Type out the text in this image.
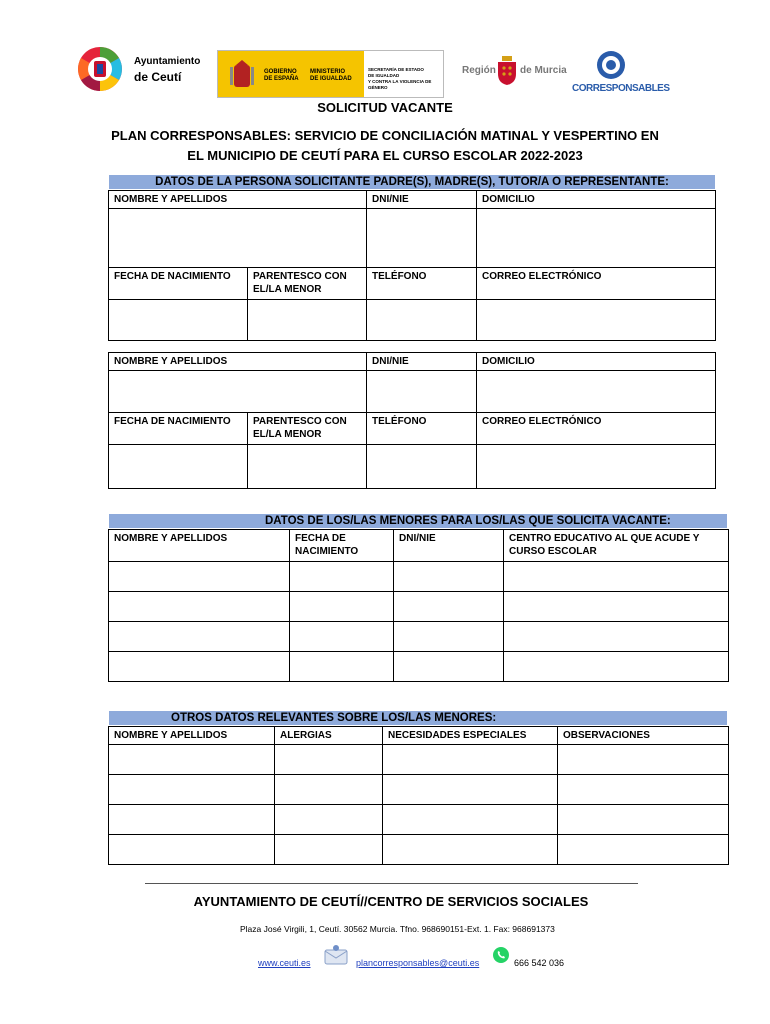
Ayuntamiento
de Ceutí	GOBIERNO
DE ESPAÑA
MINISTERIO
DE IGUALDAD
SECRETARÍA DE ESTADO
DE IGUALDAD
Y CONTRA LA VIOLENCIA DE GÉNERO
Región de Murcia
CORRESPONSABLES
SOLICITUD VACANTE
PLAN CORRESPONSABLES: SERVICIO DE CONCILIACIÓN MATINAL Y VESPERTINO EN
EL MUNICIPIO DE CEUTÍ PARA EL CURSO ESCOLAR 2022-2023
DATOS DE LA PERSONA SOLICITANTE PADRE(S), MADRE(S), TUTOR/A O REPRESENTANTE:
NOMBRE Y APELLIDOS		DNI/NIE	DOMICILIO

FECHA DE NACIMIENTO	PARENTESCO CON EL/LA MENOR	TELÉFONO	CORREO ELECTRÓNICO

NOMBRE Y APELLIDOS		DNI/NIE	DOMICILIO

FECHA DE NACIMIENTO	PARENTESCO CON EL/LA MENOR	TELÉFONO	CORREO ELECTRÓNICO

DATOS DE LOS/LAS MENORES PARA LOS/LAS QUE SOLICITA VACANTE:
NOMBRE Y APELLIDOS	FECHA DE NACIMIENTO	DNI/NIE	CENTRO EDUCATIVO AL QUE ACUDE Y CURSO ESCOLAR

OTROS DATOS RELEVANTES SOBRE LOS/LAS MENORES:
NOMBRE Y APELLIDOS	ALERGIAS	NECESIDADES ESPECIALES	OBSERVACIONES

AYUNTAMIENTO DE CEUTÍ//CENTRO DE SERVICIOS SOCIALES
Plaza José Virgili, 1, Ceutí. 30562 Murcia. Tfno. 968690151-Ext. 1. Fax: 968691373
www.ceuti.es	plancorresponsables@ceuti.es	666 542 036
